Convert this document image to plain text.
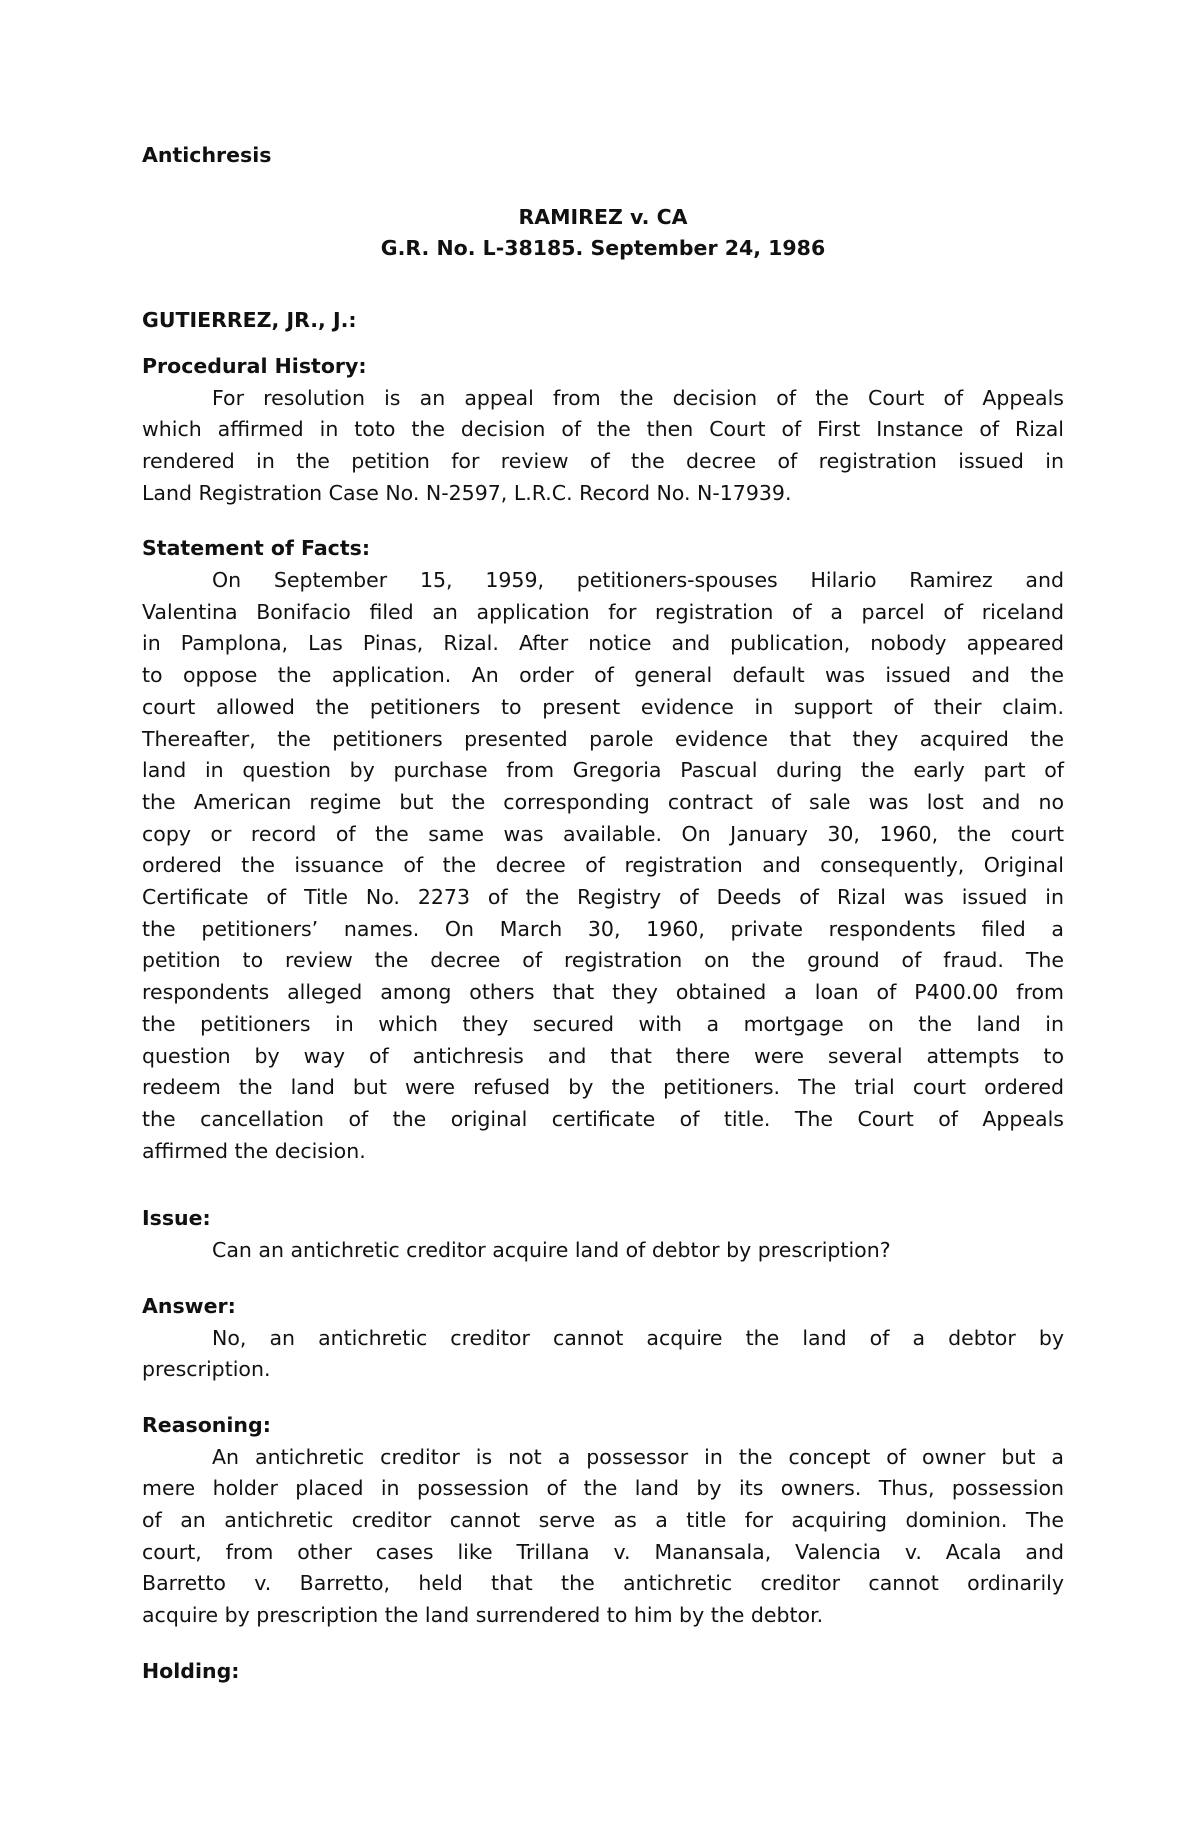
Antichresis
RAMIREZ v. CA
G.R. No. L-38185. September 24, 1986
GUTIERREZ, JR., J.:
Procedural History:
For resolution is an appeal from the decision of the Court of Appeals
which affirmed in toto the decision of the then Court of First Instance of Rizal
rendered in the petition for review of the decree of registration issued in
Land Registration Case No. N-2597, L.R.C. Record No. N-17939.
Statement of Facts:
On September 15, 1959, petitioners-spouses Hilario Ramirez and
Valentina Bonifacio filed an application for registration of a parcel of riceland
in Pamplona, Las Pinas, Rizal. After notice and publication, nobody appeared
to oppose the application. An order of general default was issued and the
court allowed the petitioners to present evidence in support of their claim.
Thereafter, the petitioners presented parole evidence that they acquired the
land in question by purchase from Gregoria Pascual during the early part of
the American regime but the corresponding contract of sale was lost and no
copy or record of the same was available. On January 30, 1960, the court
ordered the issuance of the decree of registration and consequently, Original
Certificate of Title No. 2273 of the Registry of Deeds of Rizal was issued in
the petitioners’ names. On March 30, 1960, private respondents filed a
petition to review the decree of registration on the ground of fraud. The
respondents alleged among others that they obtained a loan of P400.00 from
the petitioners in which they secured with a mortgage on the land in
question by way of antichresis and that there were several attempts to
redeem the land but were refused by the petitioners. The trial court ordered
the cancellation of the original certificate of title. The Court of Appeals
affirmed the decision.
Issue:
Can an antichretic creditor acquire land of debtor by prescription?
Answer:
No, an antichretic creditor cannot acquire the land of a debtor by
prescription.
Reasoning:
An antichretic creditor is not a possessor in the concept of owner but a
mere holder placed in possession of the land by its owners. Thus, possession
of an antichretic creditor cannot serve as a title for acquiring dominion. The
court, from other cases like Trillana v. Manansala, Valencia v. Acala and
Barretto v. Barretto, held that the antichretic creditor cannot ordinarily
acquire by prescription the land surrendered to him by the debtor.
Holding:
